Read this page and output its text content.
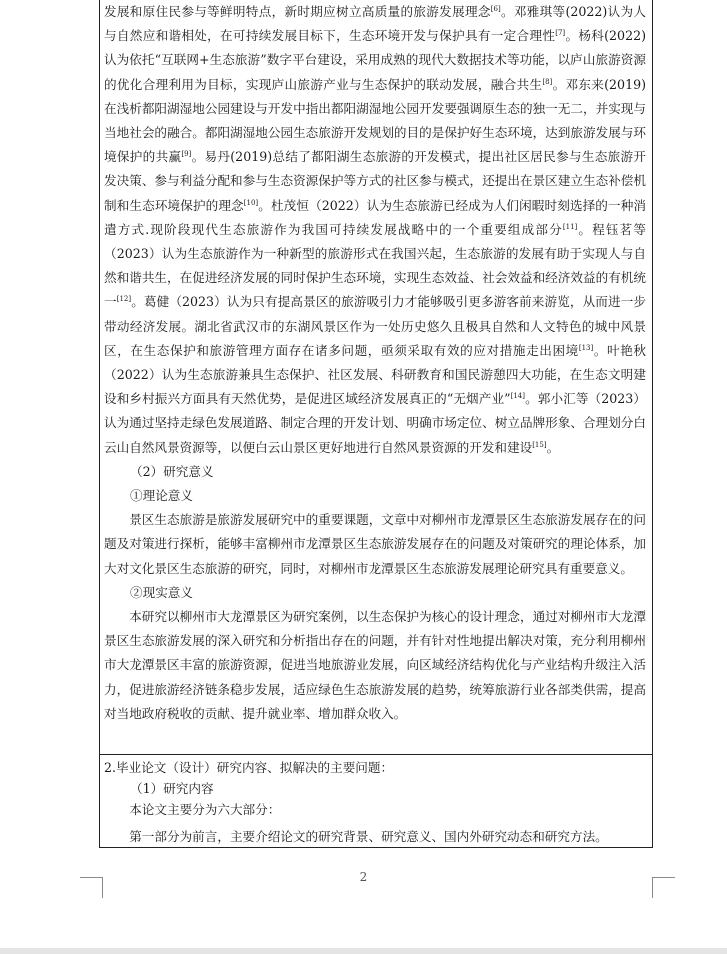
发展和原住民参与等鲜明特点，新时期应树立高质量的旅游发展理念[6]。邓雅琪等(2022)认为人与自然应和谐相处，在可持续发展目标下，生态环境开发与保护具有一定合理性[7]。杨科(2022)认为依托“互联网+生态旅游”数字平台建设，采用成熟的现代大数据技术等功能，以庐山旅游资源的优化合理利用为目标，实现庐山旅游产业与生态保护的联动发展，融合共生[8]。邓东来(2019)在浅析都阳湖湿地公园建设与开发中指出都阳湖湿地公园开发要强调原生态的独一无二，并实现与当地社会的融合。都阳湖湿地公园生态旅游开发规划的目的是保护好生态环境，达到旅游发展与环境保护的共赢[9]。易丹(2019)总结了都阳湖生态旅游的开发模式，提出社区居民参与生态旅游开发决策、参与利益分配和参与生态资源保护等方式的社区参与模式，还提出在景区建立生态补偿机制和生态环境保护的理念[10]。杜茂恒（2022）认为生态旅游已经成为人们闲暇时刻选择的一种消遣方式.现阶段现代生态旅游作为我国可持续发展战略中的一个重要组成部分[11]。程钰茗等（2023）认为生态旅游作为一种新型的旅游形式在我国兴起，生态旅游的发展有助于实现人与自然和谐共生，在促进经济发展的同时保护生态环境，实现生态效益、社会效益和经济效益的有机统一[12]。葛健（2023）认为只有提高景区的旅游吸引力才能够吸引更多游客前来游览，从而进一步带动经济发展。湖北省武汉市的东湖风景区作为一处历史悠久且极具自然和人文特色的城中风景区，在生态保护和旅游管理方面存在诸多问题，亟须采取有效的应对措施走出困境[13]。叶艳秋（2022）认为生态旅游兼具生态保护、社区发展、科研教育和国民游憩四大功能，在生态文明建设和乡村振兴方面具有天然优势，是促进区域经济发展真正的“无烟产业”[14]。郭小汇等（2023）认为通过坚持走绿色发展道路、制定合理的开发计划、明确市场定位、树立品牌形象、合理划分白云山自然风景资源等，以便白云山景区更好地进行自然风景资源的开发和建设[15]。

（2）研究意义

①理论意义

景区生态旅游是旅游发展研究中的重要课题，文章中对柳州市龙潭景区生态旅游发展存在的问题及对策进行探析，能够丰富柳州市龙潭景区生态旅游发展存在的问题及对策研究的理论体系，加大对文化景区生态旅游的研究，同时，对柳州市龙潭景区生态旅游发展理论研究具有重要意义。

②现实意义

本研究以柳州市大龙潭景区为研究案例，以生态保护为核心的设计理念，通过对柳州市大龙潭景区生态旅游发展的深入研究和分析指出存在的问题，并有针对性地提出解决对策，充分利用柳州市大龙潭景区丰富的旅游资源，促进当地旅游业发展，向区域经济结构优化与产业结构升级注入活力，促进旅游经济链条稳步发展，适应绿色生态旅游发展的趋势，统筹旅游行业各部类供需，提高对当地政府税收的贡献、提升就业率、增加群众收入。

2.毕业论文（设计）研究内容、拟解决的主要问题：

（1）研究内容

本论文主要分为六大部分：

第一部分为前言，主要介绍论文的研究背景、研究意义、国内外研究动态和研究方法。

2
